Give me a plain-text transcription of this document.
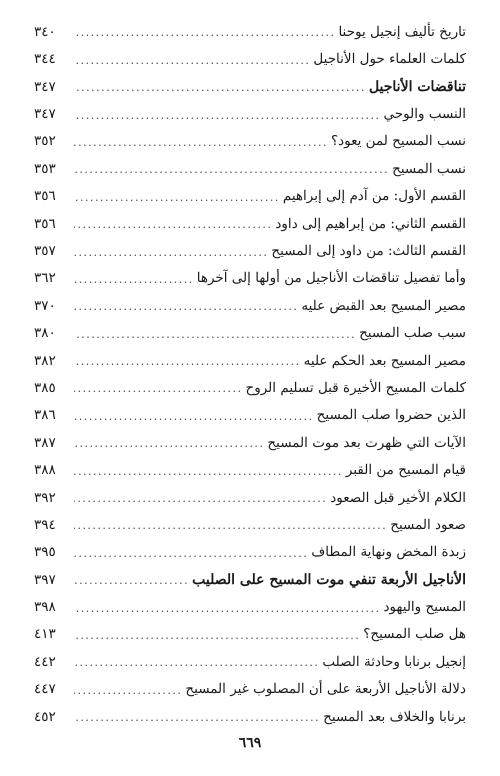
تاريخ تأليف إنجيل يوحنا
.....
٣٤٠
كلمات العلماء حول الأناجيل
.....
٣٤٤
تناقضات الأناجيل
.....
٣٤٧
النسب والوحي
.....
٣٤٧
نسب المسيح لمن يعود؟
.....
٣٥٢
نسب المسيح
.....
٣٥٣
القسم الأول: من آدم إلى إبراهيم
.....
٣٥٦
القسم الثاني: من إبراهيم إلى داود
.....
٣٥٦
القسم الثالث: من داود إلى المسيح
.....
٣٥٧
وأما تفصيل تناقضات الأناجيل من أولها إلى آخرها
.....
٣٦٢
مصير المسيح بعد القبض عليه
.....
٣٧٠
سبب صلب المسيح
.....
٣٨٠
مصير المسيح بعد الحكم عليه
.....
٣٨٢
كلمات المسيح الأخيرة قبل تسليم الروح
.....
٣٨٥
الذين حضروا صلب المسيح
.....
٣٨٦
الآيات التي ظهرت بعد موت المسيح
.....
٣٨٧
قيام المسيح من القبر
.....
٣٨٨
الكلام الأخير قبل الصعود
.....
٣٩٢
صعود المسيح
.....
٣٩٤
زبدة المخض ونهاية المطاف
.....
٣٩٥
الأناجيل الأربعة تنفي موت المسيح على الصليب
.....
٣٩٧
المسيح واليهود
.....
٣٩٨
هل صلب المسيح؟
.....
٤١٣
إنجيل برنابا وحادثة الصلب
.....
٤٤٢
دلالة الأناجيل الأربعة على أن المصلوب غير المسيح
.....
٤٤٧
برنابا والخلاف بعد المسيح
.....
٤٥٢
٦٦٩
